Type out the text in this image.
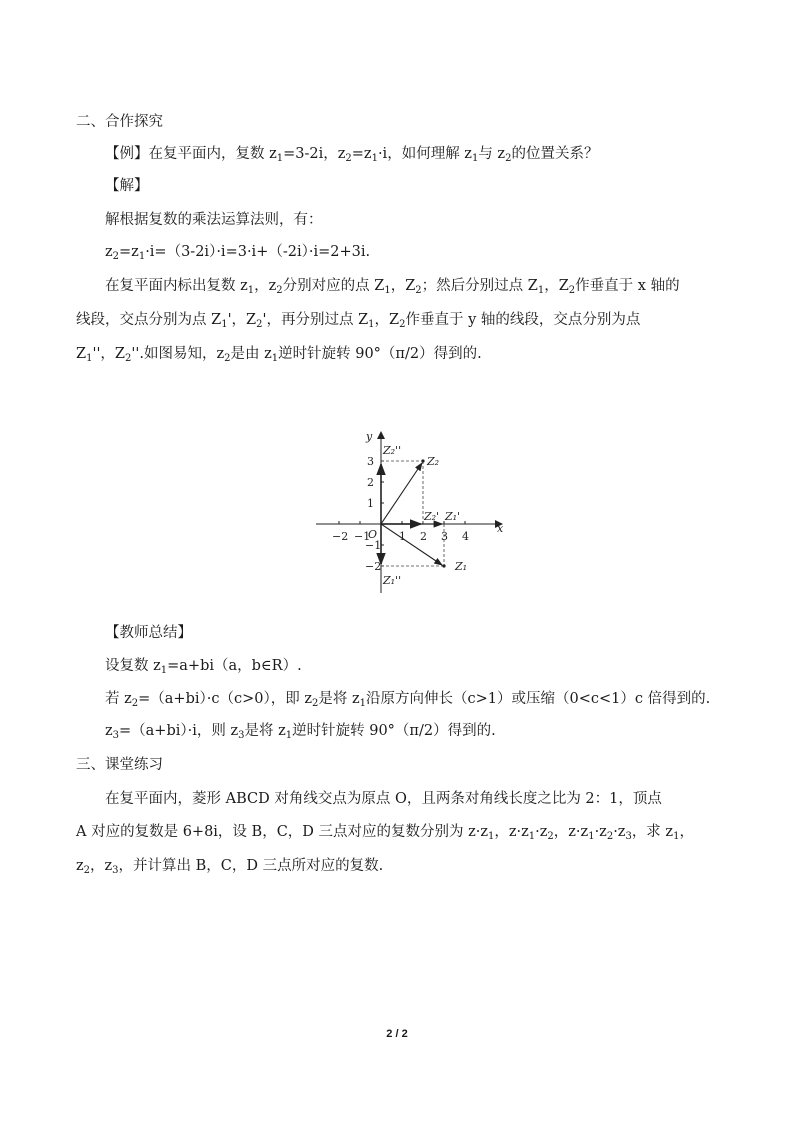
二、合作探究
【例】在复平面内，复数 $z_1=3-2i$，$z_2=z_1\cdot i$，如何理解 $z_1$与 $z_2$的位置关系？
【解】
解根据复数的乘法运算法则，有：
$z_2=z_1\cdot i=(3-2i)\cdot i=3\cdot i+(-2i)\cdot i=2+3i$.
在复平面内标出复数 $z_1$，$z_2$分别对应的点 $Z_1$，$Z_2$；然后分别过点 $Z_1$，$Z_2$作垂直于 x 轴的
线段，交点分别为点 $Z_1'$，$Z_2'$，再分别过点 $Z_1$，$Z_2$作垂直于 y 轴的线段，交点分别为点
$Z_1''$，$Z_2''$.如图易知，$z_2$是由 $z_1$逆时针旋转 90°（π/2）得到的.
y
x
O
−2 −1	1 2 3 4
3
2
1
−1
−2
Z₂
Z₁
Z₂''
Z₁''
Z₂' Z₁'
【教师总结】
设复数 $z_1=a+bi(a$，b∈R）.
若 $z_2=(a+bi)\cdot c(c>0)$，即 $z_2$是将 $z_1$沿原方向伸长（c>1）或压缩（0<c<1）c 倍得到的.
$z_3=(a+bi)\cdot i$，则 $z_3$是将 $z_1$逆时针旋转 90°（π/2）得到的.
三、课堂练习
在复平面内，菱形 ABCD 对角线交点为原点 O，且两条对角线长度之比为 2：1，顶点
A 对应的复数是 6+8i，设 B，C，D 三点对应的复数分别为 $z\cdot z_1$，$z\cdot z_1\cdot z_2$，$z\cdot z_1\cdot z_2\cdot z_3$，求 $z_1$，
$z_2$，$z_3$，并计算出 B，C，D 三点所对应的复数.
2 / 2
